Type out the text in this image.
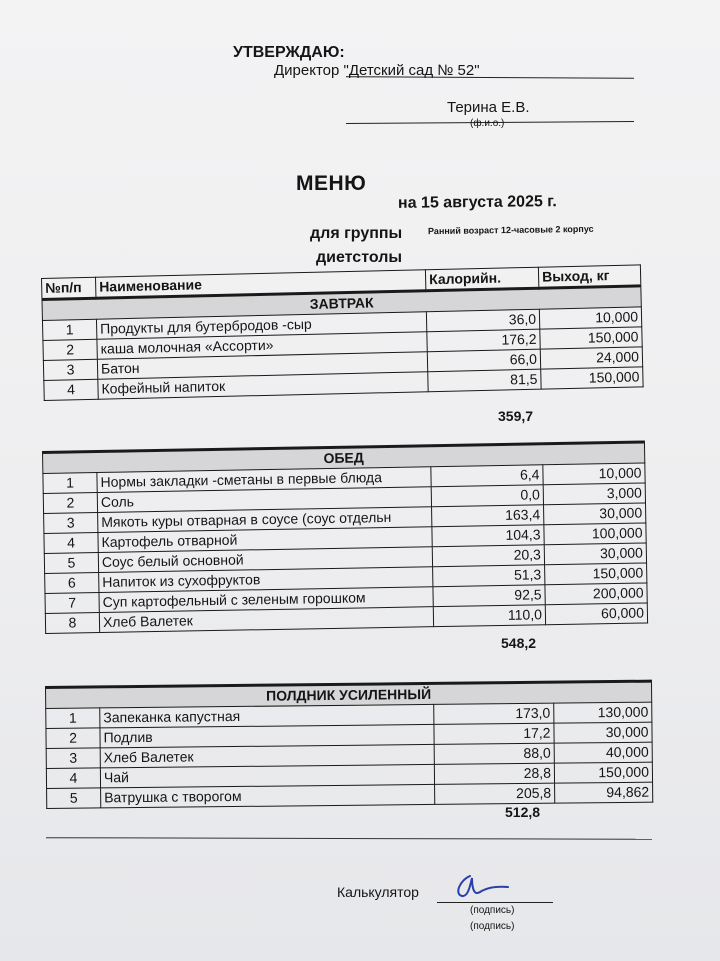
УТВЕРЖДАЮ:
Директор "Детский сад № 52"
Терина Е.В.
(ф.и.о.)
МЕНЮ
на 15 августа 2025 г.
для группы	Ранний возраст 12-часовые 2 корпус
диетстолы
№п/п	Наименование	Калорийн.	Выход, кг
ЗАВТРАК			
1	Продукты для бутербродов -сыр	36,0	10,000
2	каша молочная «Ассорти»	176,2	150,000
3	Батон	66,0	24,000
4	Кофейный напиток	81,5	150,000
359,7
ОБЕД			
1	Нормы закладки -сметаны в первые блюда	6,4	10,000
2	Соль	0,0	3,000
3	Мякоть куры отварная в соусе (соус отдельн	163,4	30,000
4	Картофель отварной	104,3	100,000
5	Соус белый основной	20,3	30,000
6	Напиток из сухофруктов	51,3	150,000
7	Суп картофельный с зеленым горошком	92,5	200,000
8	Хлеб Валетек	110,0	60,000
548,2
ПОЛДНИК УСИЛЕННЫЙ			
1	Запеканка капустная	173,0	130,000
2	Подлив	17,2	30,000
3	Хлеб Валетек	88,0	40,000
4	Чай	28,8	150,000
5	Ватрушка с творогом	205,8	94,862
512,8
Калькулятор
(подпись)
(подпись)
